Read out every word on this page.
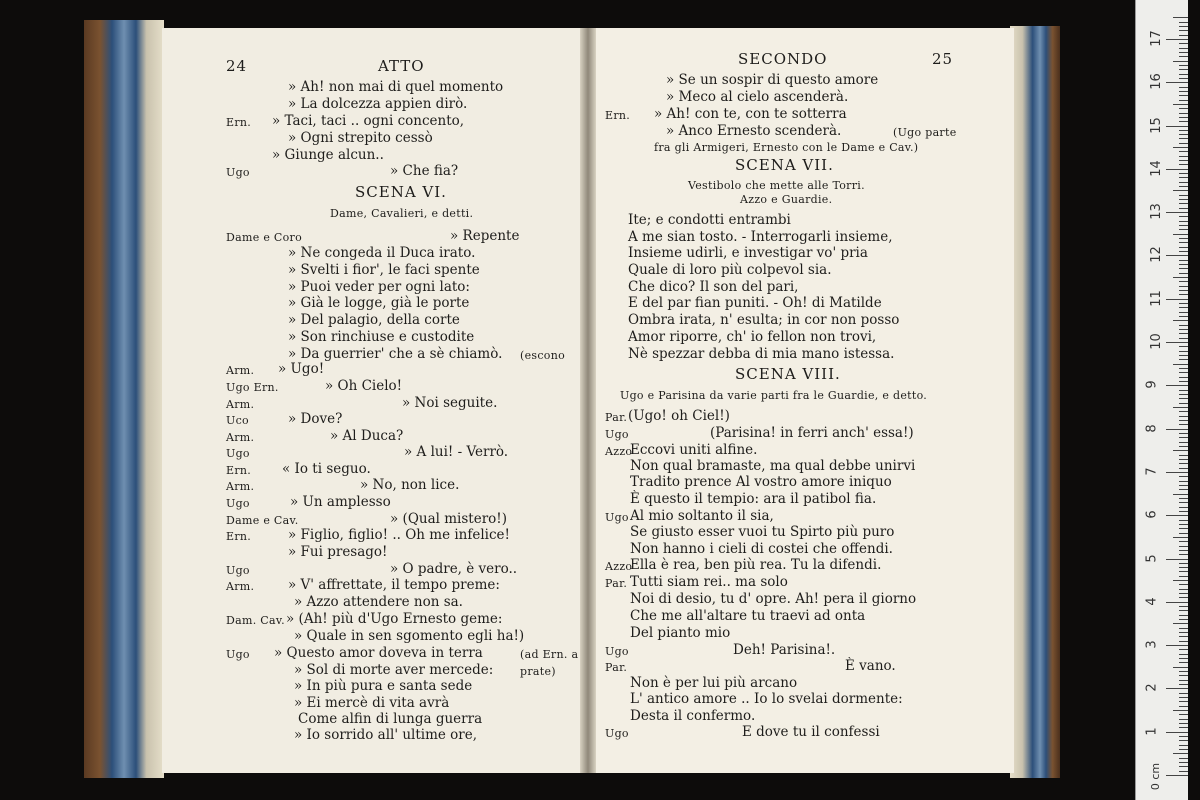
24	ATTO	SECONDO	25
» Ah! non mai di quel momento
» La dolcezza appien dirò.
Ern. » Taci, taci .. ogni concento,
» Ogni strepito cessò
» Giunge alcun..
Ugo	» Che fia?
SCENA VI.
Dame, Cavalieri, e detti.
Dame e Coro	» Repente
» Ne congeda il Duca irato.
» Svelti i fior', le faci spente
» Puoi veder per ogni lato:
» Già le logge, già le porte
» Del palagio, della corte
» Son rinchiuse e custodite
» Da guerrier' che a sè chiamò. (escono
Arm. » Ugo!
Ugo Ern.	» Oh Cielo!
Arm.	» Noi seguite.
Uco	» Dove?
Arm.	» Al Duca?
Ugo	» A lui! - Verrò.
Ern. « Io ti seguo.
Arm.	» No, non lice.
Ugo	» Un amplesso
Dame e Cav.	» (Qual mistero!)
Ern.	» Figlio, figlio! .. Oh me infelice!
» Fui presago!
Ugo	» O padre, è vero..
Arm. » V' affrettate, il tempo preme:
» Azzo attendere non sa.
Dam. Cav. » (Ah! più d'Ugo Ernesto geme:
» Quale in sen sgomento egli ha!)
Ugo » Questo amor doveva in terra	(ad Ern. a
» Sol di morte aver mercede: prate)
» In più pura e santa sede
» Ei mercè di vita avrà
Come alfin di lunga guerra
» Io sorrido all' ultime ore,
» Se un sospir di questo amore
» Meco al cielo ascenderà.
Ern. » Ah! con te, con te sotterra
» Anco Ernesto scenderà.	(Ugo parte
fra gli Armigeri, Ernesto con le Dame e Cav.)
SCENA VII.
Vestibolo che mette alle Torri.
Azzo e Guardie.
Ite; e condotti entrambi
A me sian tosto. - Interrogarli insieme,
Insieme udirli, e investigar vo' pria
Quale di loro più colpevol sia.
Che dico? Il son del pari,
E del par fian puniti. - Oh! di Matilde
Ombra irata, n' esulta; in cor non posso
Amor riporre, ch' io fellon non trovi,
Nè spezzar debba di mia mano istessa.
SCENA VIII.
Ugo e Parisina da varie parti fra le Guardie, e detto.
Par. (Ugo! oh Ciel!)
Ugo	(Parisina! in ferri anch' essa!)
Azzo
Eccovi uniti alfine.
Non qual bramaste, ma qual debbe unirvi
Tradito prence Al vostro amore iniquo
È questo il tempio: ara il patibol fia.
Ugo Al mio soltanto il sia,
Se giusto esser vuoi tu Spirto più puro
Non hanno i cieli di costei che offendi.
Azzo
Ella è rea, ben più rea. Tu la difendi.
Par. Tutti siam rei.. ma solo
Noi di desio, tu d' opre. Ah! pera il giorno
Che me all'altare tu traevi ad onta
Del pianto mio
Ugo	Deh! Parisina!.
Par.	È vano.
Non è per lui più arcano
L' antico amore .. Io lo svelai dormente:
Desta il confermo.
Ugo	E dove tu il confessi
0 cm
1
2
3
4
5
6
7
8
9
10
11
12
13
14
15
16
17
